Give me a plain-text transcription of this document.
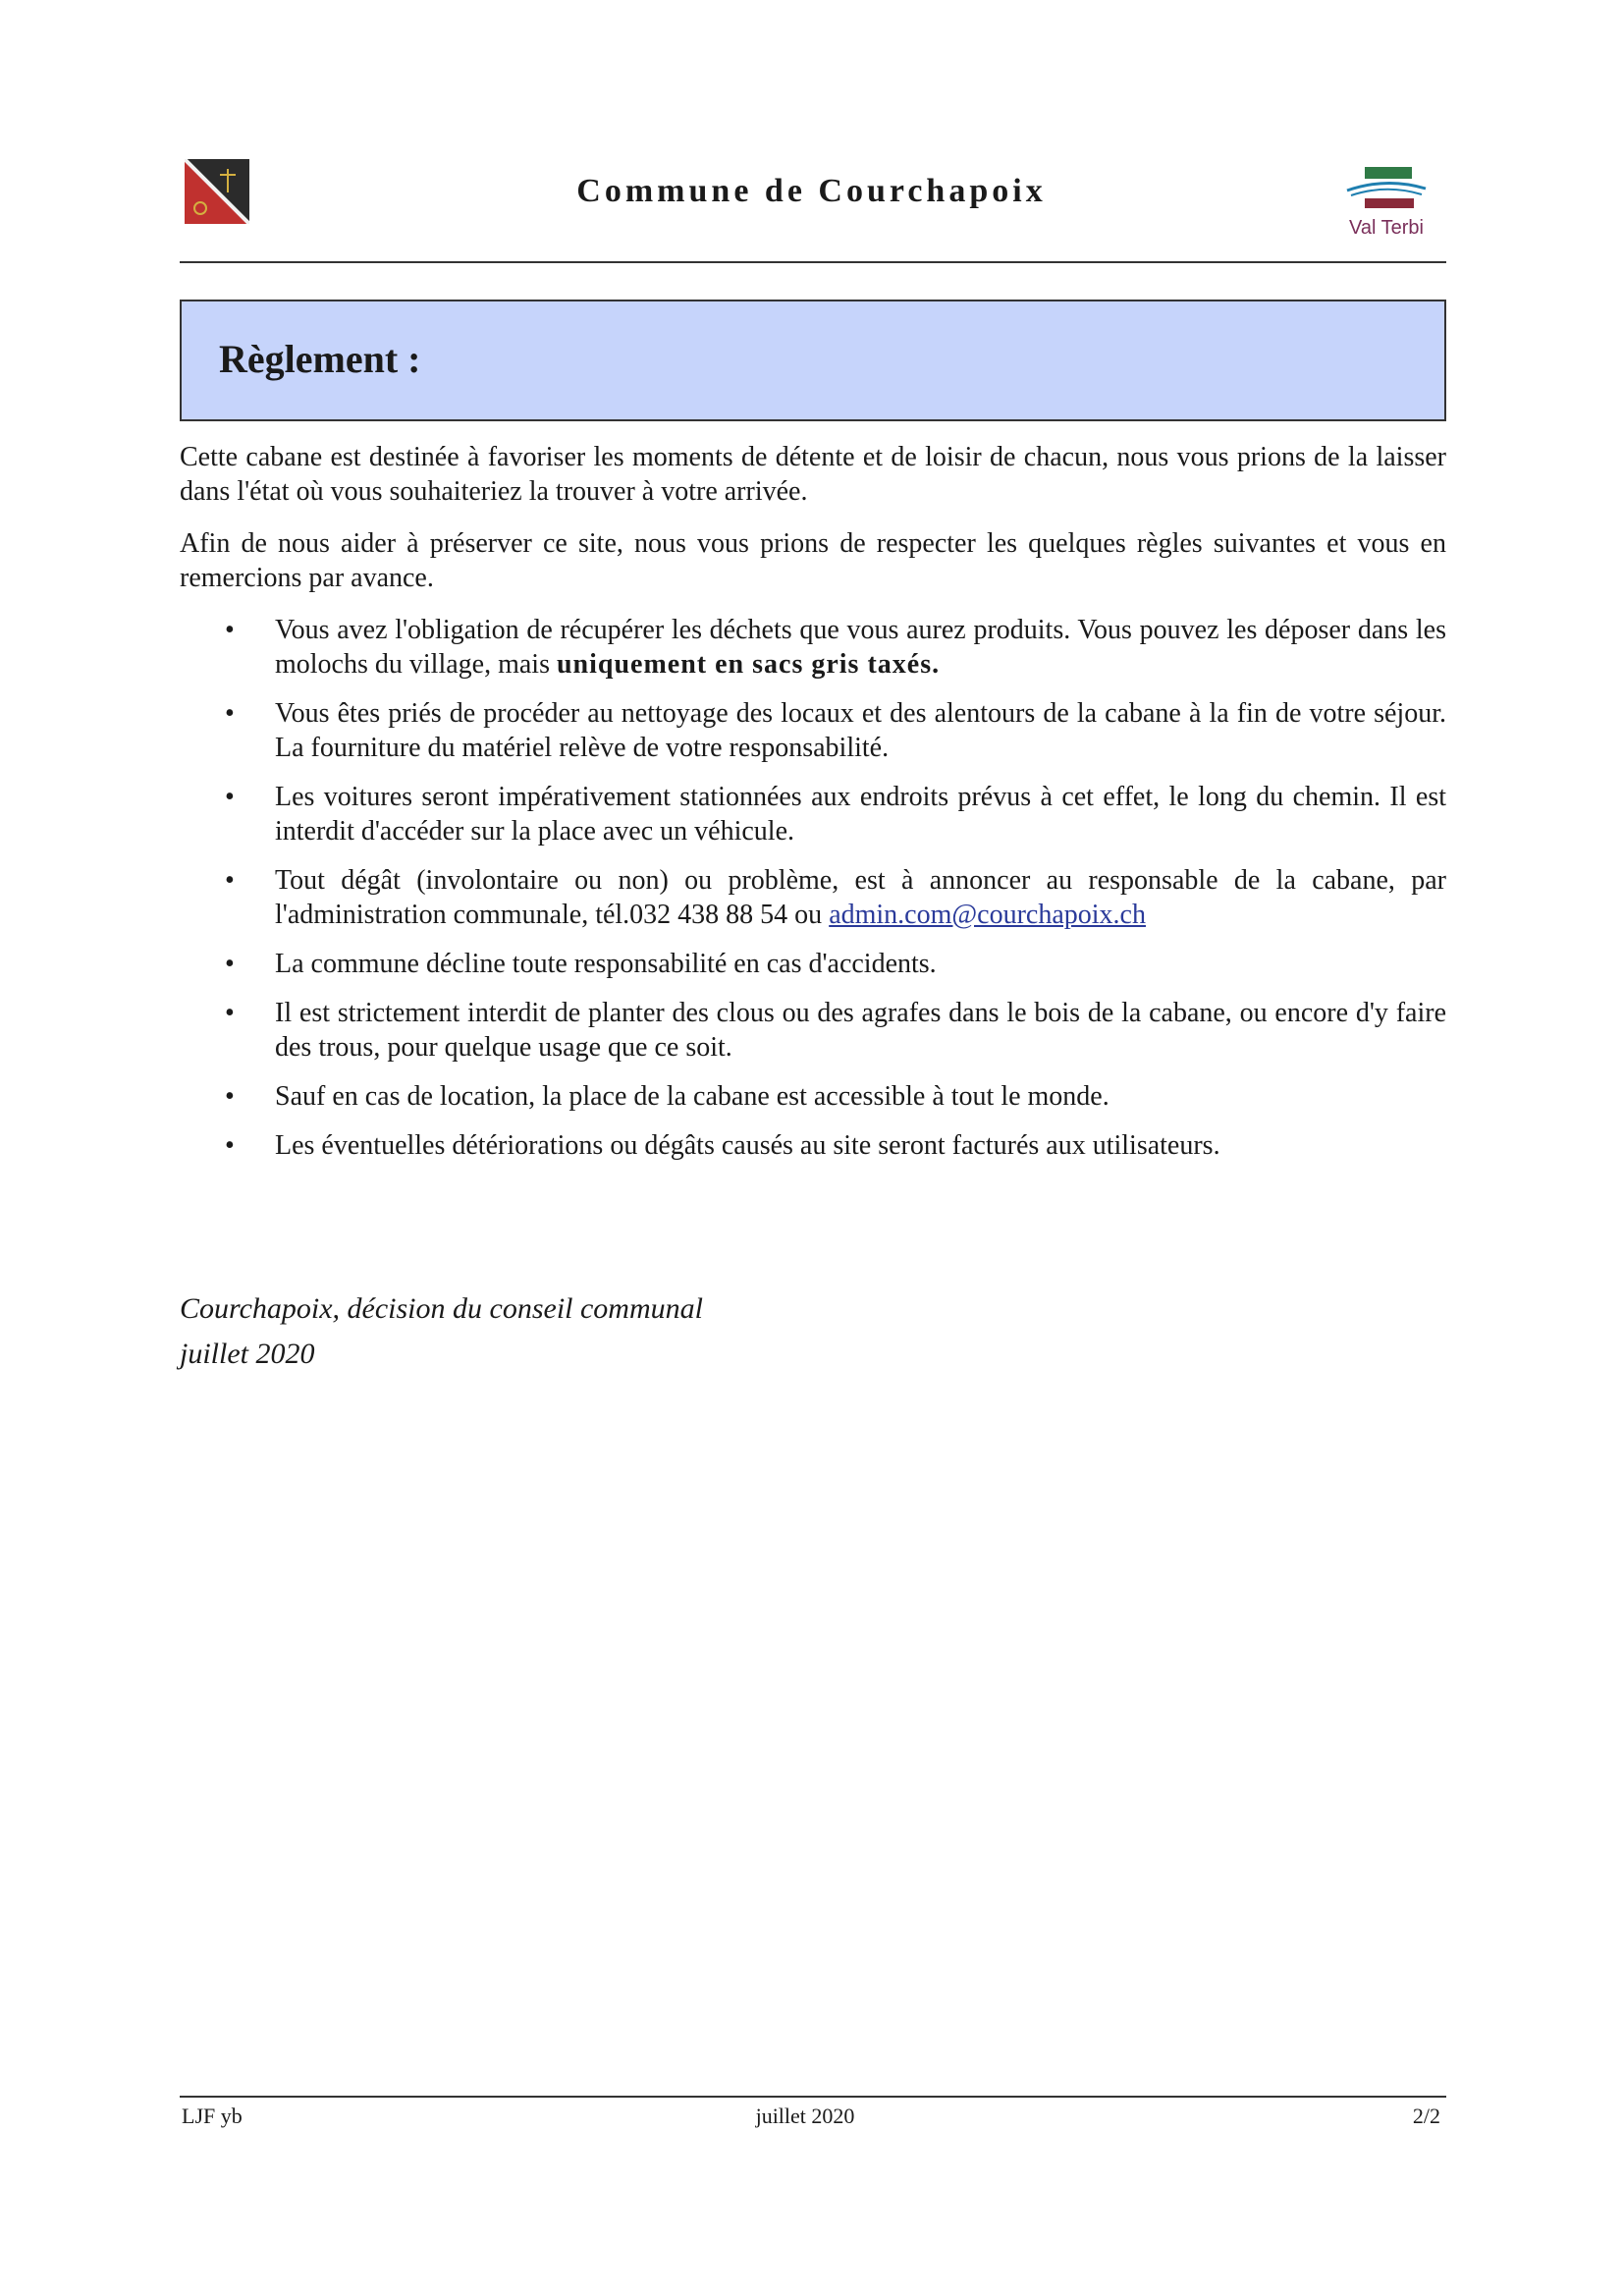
Commune de Courchapoix
Val Terbi
Règlement :

Cette cabane est destinée à favoriser les moments de détente et de loisir de chacun, nous vous prions de la laisser dans l'état où vous souhaiteriez la trouver à votre arrivée.

Afin de nous aider à préserver ce site, nous vous prions de respecter les quelques règles suivantes et vous en remercions par avance.

• Vous avez l'obligation de récupérer les déchets que vous aurez produits. Vous pouvez les déposer dans les molochs du village, mais uniquement en sacs gris taxés.
• Vous êtes priés de procéder au nettoyage des locaux et des alentours de la cabane à la fin de votre séjour. La fourniture du matériel relève de votre responsabilité.
• Les voitures seront impérativement stationnées aux endroits prévus à cet effet, le long du chemin. Il est interdit d'accéder sur la place avec un véhicule.
• Tout dégât (involontaire ou non) ou problème, est à annoncer au responsable de la cabane, par l'administration communale, tél.032 438 88 54 ou admin.com@courchapoix.ch
• La commune décline toute responsabilité en cas d'accidents.
• Il est strictement interdit de planter des clous ou des agrafes dans le bois de la cabane, ou encore d'y faire des trous, pour quelque usage que ce soit.
• Sauf en cas de location, la place de la cabane est accessible à tout le monde.
• Les éventuelles détériorations ou dégâts causés au site seront facturés aux utilisateurs.

Courchapoix, décision du conseil communal

juillet 2020

LJF yb	juillet 2020	2/2
